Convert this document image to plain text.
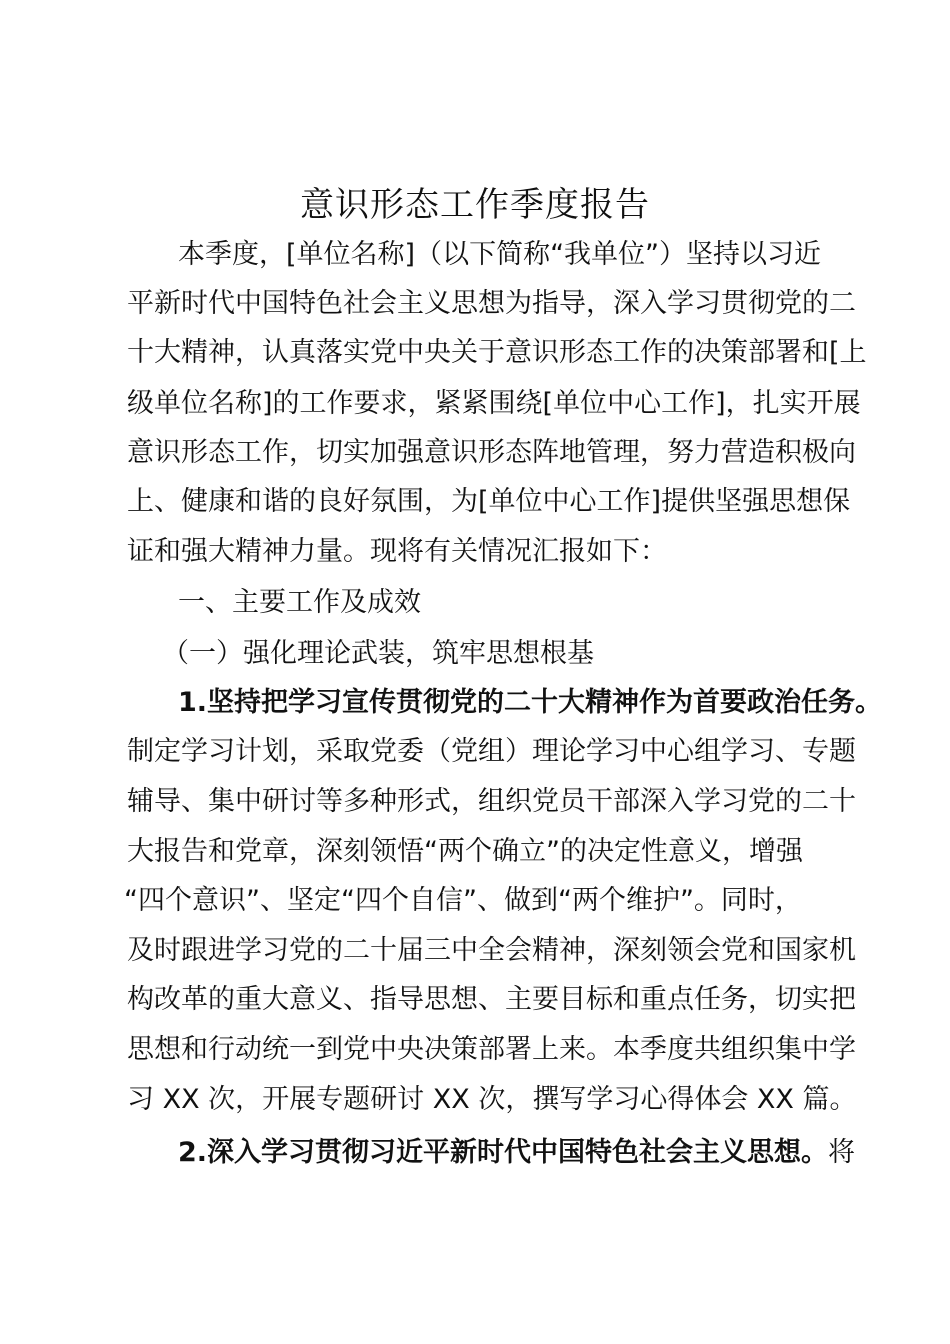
意识形态工作季度报告

本季度，[单位名称]（以下简称“我单位”）坚持以习近

平新时代中国特色社会主义思想为指导，深入学习贯彻党的二

十大精神，认真落实党中央关于意识形态工作的决策部署和[上

级单位名称]的工作要求，紧紧围绕[单位中心工作]，扎实开展

意识形态工作，切实加强意识形态阵地管理，努力营造积极向

上、健康和谐的良好氛围，为[单位中心工作]提供坚强思想保

证和强大精神力量。现将有关情况汇报如下：

一、主要工作及成效

（一）强化理论武装，筑牢思想根基

1.坚持把学习宣传贯彻党的二十大精神作为首要政治任务。

制定学习计划，采取党委（党组）理论学习中心组学习、专题

辅导、集中研讨等多种形式，组织党员干部深入学习党的二十

大报告和党章，深刻领悟“两个确立”的决定性意义，增强

“四个意识”、坚定“四个自信”、做到“两个维护”。同时，

及时跟进学习党的二十届三中全会精神，深刻领会党和国家机

构改革的重大意义、指导思想、主要目标和重点任务，切实把

思想和行动统一到党中央决策部署上来。本季度共组织集中学

习 XX 次，开展专题研讨 XX 次，撰写学习心得体会 XX 篇。

2.深入学习贯彻习近平新时代中国特色社会主义思想。将
